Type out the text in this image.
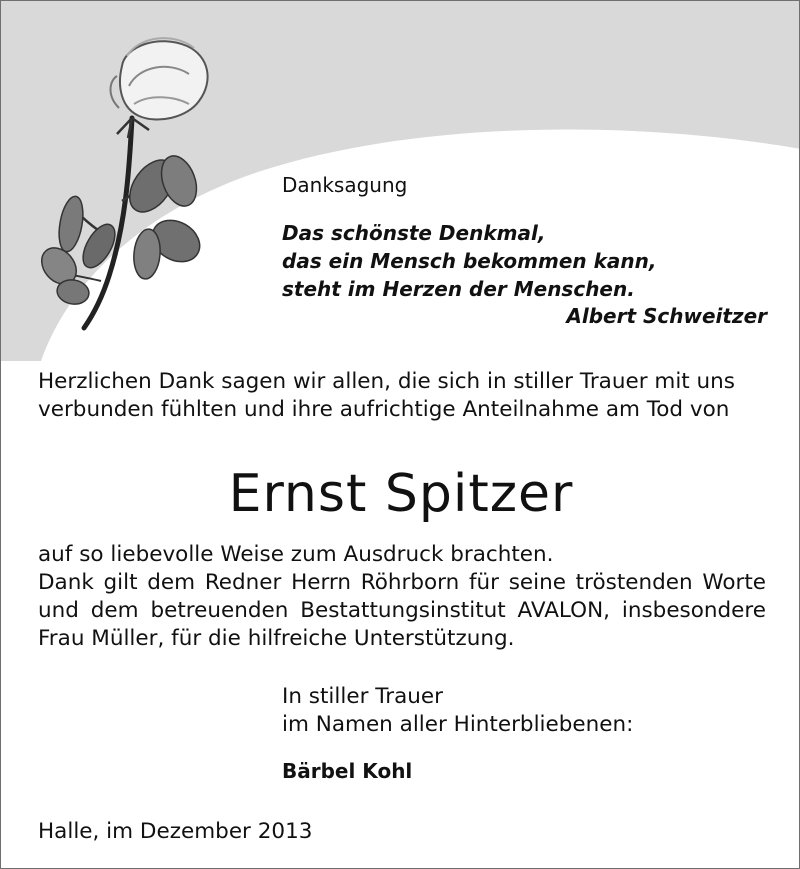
Danksagung
Das schönste Denkmal,
das ein Mensch bekommen kann,
steht im Herzen der Menschen.
Albert Schweitzer
Herzlichen Dank sagen wir allen, die sich in stiller Trauer mit uns
verbunden fühlten und ihre aufrichtige Anteilnahme am Tod von
Ernst Spitzer
auf so liebevolle Weise zum Ausdruck brachten.
Dank gilt dem Redner Herrn Röhrborn für seine tröstenden Worte
und dem betreuenden Bestattungsinstitut AVALON, insbesondere
Frau Müller, für die hilfreiche Unterstützung.
In stiller Trauer
im Namen aller Hinterbliebenen:
Bärbel Kohl
Halle, im Dezember 2013
